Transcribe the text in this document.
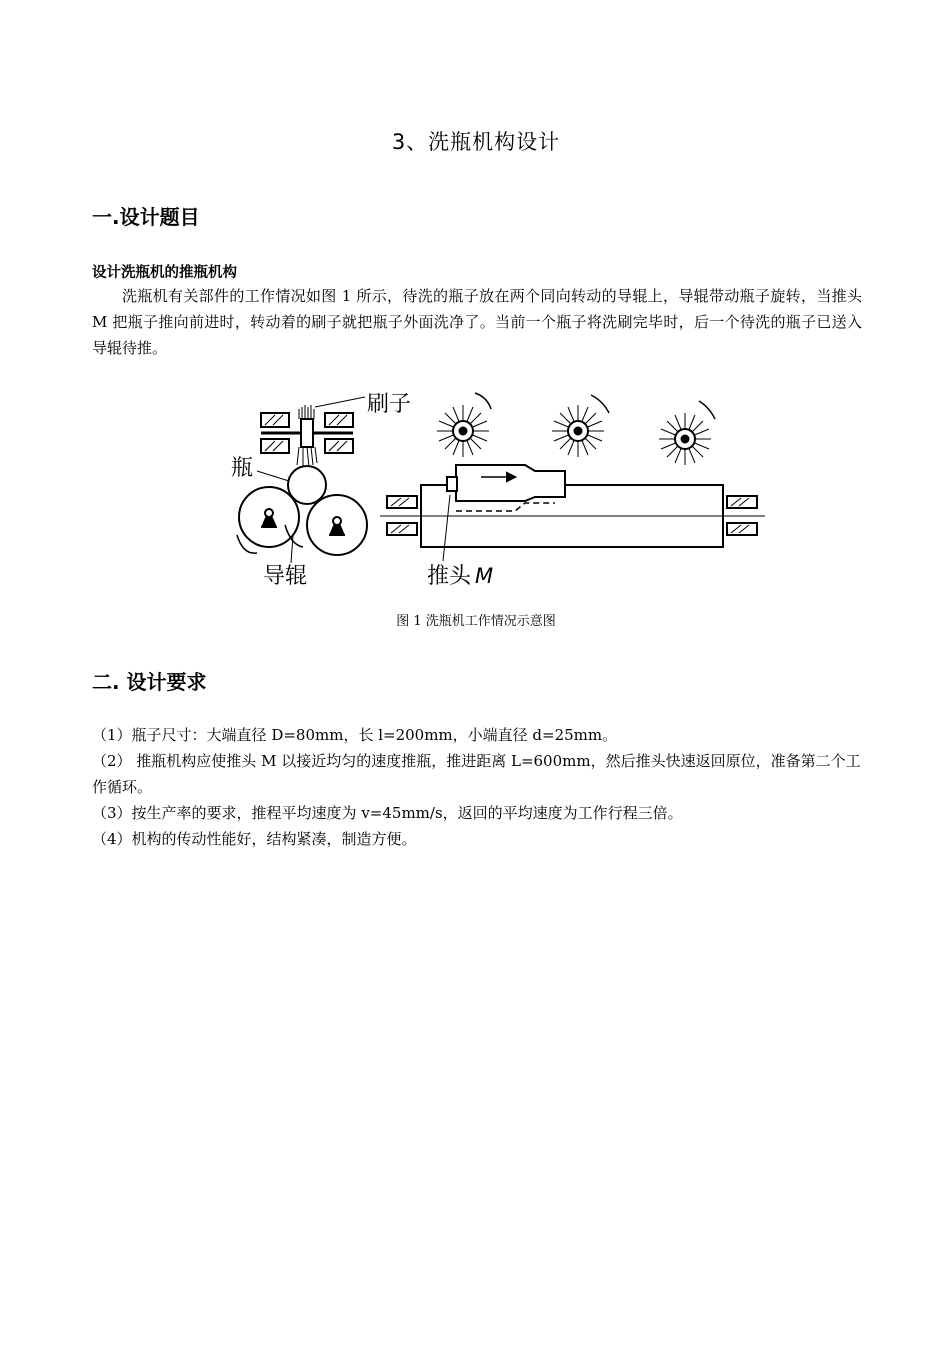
3、洗瓶机构设计
一.设计题目
设计洗瓶机的推瓶机构
洗瓶机有关部件的工作情况如图 1 所示，待洗的瓶子放在两个同向转动的导辊上，导辊带动瓶子旋转，当推头 M 把瓶子推向前进时，转动着的刷子就把瓶子外面洗净了。当前一个瓶子将洗刷完毕时，后一个待洗的瓶子已送入导辊待推。
刷子
瓶
导辊	推头 M
图 1 洗瓶机工作情况示意图
二. 设计要求

（1）瓶子尺寸：大端直径 D=80mm，长 l=200mm，小端直径 d=25mm。

（2） 推瓶机构应使推头 M 以接近均匀的速度推瓶，推进距离 L=600mm，然后推头快速返回原位，准备第二个工作循环。

（3）按生产率的要求，推程平均速度为 v=45mm/s，返回的平均速度为工作行程三倍。

（4）机构的传动性能好，结构紧凑，制造方便。
